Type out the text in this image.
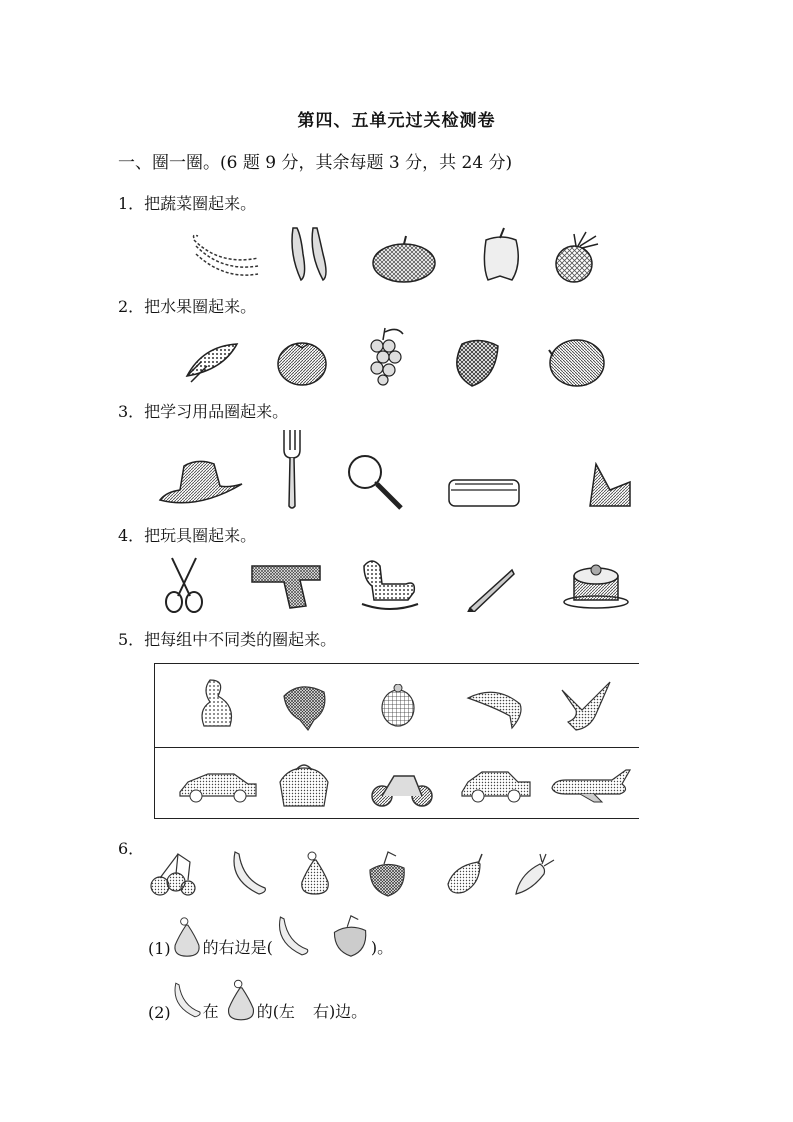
第四、五单元过关检测卷
一、圈一圈。(6 题 9 分，其余每题 3 分，共 24 分)
1．把蔬菜圈起来。
2．把水果圈起来。
3．把学习用品圈起来。
4．把玩具圈起来。
5．把每组中不同类的圈起来。
6．
(1) 的右边是(	)。
(2) 在 的(左 右)边。
